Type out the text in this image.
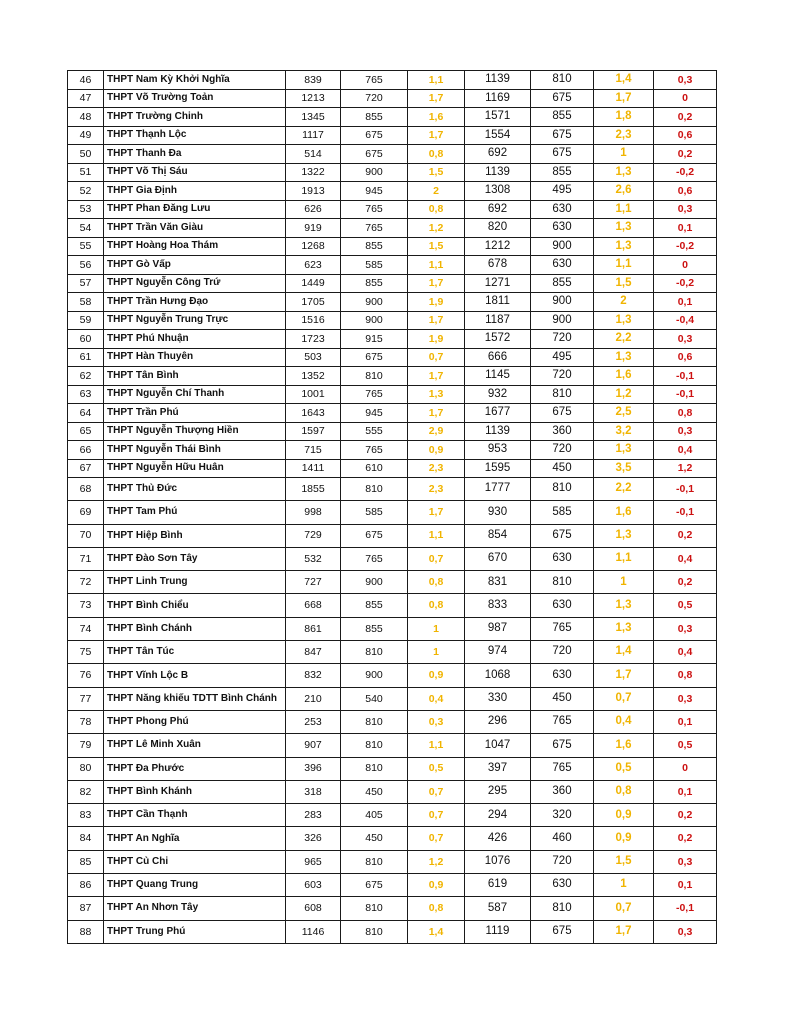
46	THPT Nam Kỳ Khởi Nghĩa	839	765	1,1	1139	810	1,4	0,3
47	THPT Võ Trường Toản	1213	720	1,7	1169	675	1,7	0
48	THPT Trường Chinh	1345	855	1,6	1571	855	1,8	0,2
49	THPT Thạnh Lộc	1117	675	1,7	1554	675	2,3	0,6
50	THPT Thanh Đa	514	675	0,8	692	675	1	0,2
51	THPT Võ Thị Sáu	1322	900	1,5	1139	855	1,3	-0,2
52	THPT Gia Định	1913	945	2	1308	495	2,6	0,6
53	THPT Phan Đăng Lưu	626	765	0,8	692	630	1,1	0,3
54	THPT Trần Văn Giàu	919	765	1,2	820	630	1,3	0,1
55	THPT Hoàng Hoa Thám	1268	855	1,5	1212	900	1,3	-0,2
56	THPT Gò Vấp	623	585	1,1	678	630	1,1	0
57	THPT Nguyễn Công Trứ	1449	855	1,7	1271	855	1,5	-0,2
58	THPT Trần Hưng Đạo	1705	900	1,9	1811	900	2	0,1
59	THPT Nguyễn Trung Trực	1516	900	1,7	1187	900	1,3	-0,4
60	THPT Phú Nhuận	1723	915	1,9	1572	720	2,2	0,3
61	THPT Hàn Thuyên	503	675	0,7	666	495	1,3	0,6
62	THPT Tân Bình	1352	810	1,7	1145	720	1,6	-0,1
63	THPT Nguyễn Chí Thanh	1001	765	1,3	932	810	1,2	-0,1
64	THPT Trần Phú	1643	945	1,7	1677	675	2,5	0,8
65	THPT Nguyễn Thượng Hiền	1597	555	2,9	1139	360	3,2	0,3
66	THPT Nguyễn Thái Bình	715	765	0,9	953	720	1,3	0,4
67	THPT Nguyễn Hữu Huân	1411	610	2,3	1595	450	3,5	1,2
68	THPT Thủ Đức	1855	810	2,3	1777	810	2,2	-0,1
69	THPT Tam Phú	998	585	1,7	930	585	1,6	-0,1
70	THPT Hiệp Bình	729	675	1,1	854	675	1,3	0,2
71	THPT Đào Sơn Tây	532	765	0,7	670	630	1,1	0,4
72	THPT Linh Trung	727	900	0,8	831	810	1	0,2
73	THPT Bình Chiểu	668	855	0,8	833	630	1,3	0,5
74	THPT Bình Chánh	861	855	1	987	765	1,3	0,3
75	THPT Tân Túc	847	810	1	974	720	1,4	0,4
76	THPT Vĩnh Lộc B	832	900	0,9	1068	630	1,7	0,8
77	THPT Năng khiếu TDTT Bình Chánh	210	540	0,4	330	450	0,7	0,3
78	THPT Phong Phú	253	810	0,3	296	765	0,4	0,1
79	THPT Lê Minh Xuân	907	810	1,1	1047	675	1,6	0,5
80	THPT Đa Phước	396	810	0,5	397	765	0,5	0
82	THPT Bình Khánh	318	450	0,7	295	360	0,8	0,1
83	THPT Cần Thạnh	283	405	0,7	294	320	0,9	0,2
84	THPT An Nghĩa	326	450	0,7	426	460	0,9	0,2
85	THPT Củ Chi	965	810	1,2	1076	720	1,5	0,3
86	THPT Quang Trung	603	675	0,9	619	630	1	0,1
87	THPT An Nhơn Tây	608	810	0,8	587	810	0,7	-0,1
88	THPT Trung Phú	1146	810	1,4	1119	675	1,7	0,3
